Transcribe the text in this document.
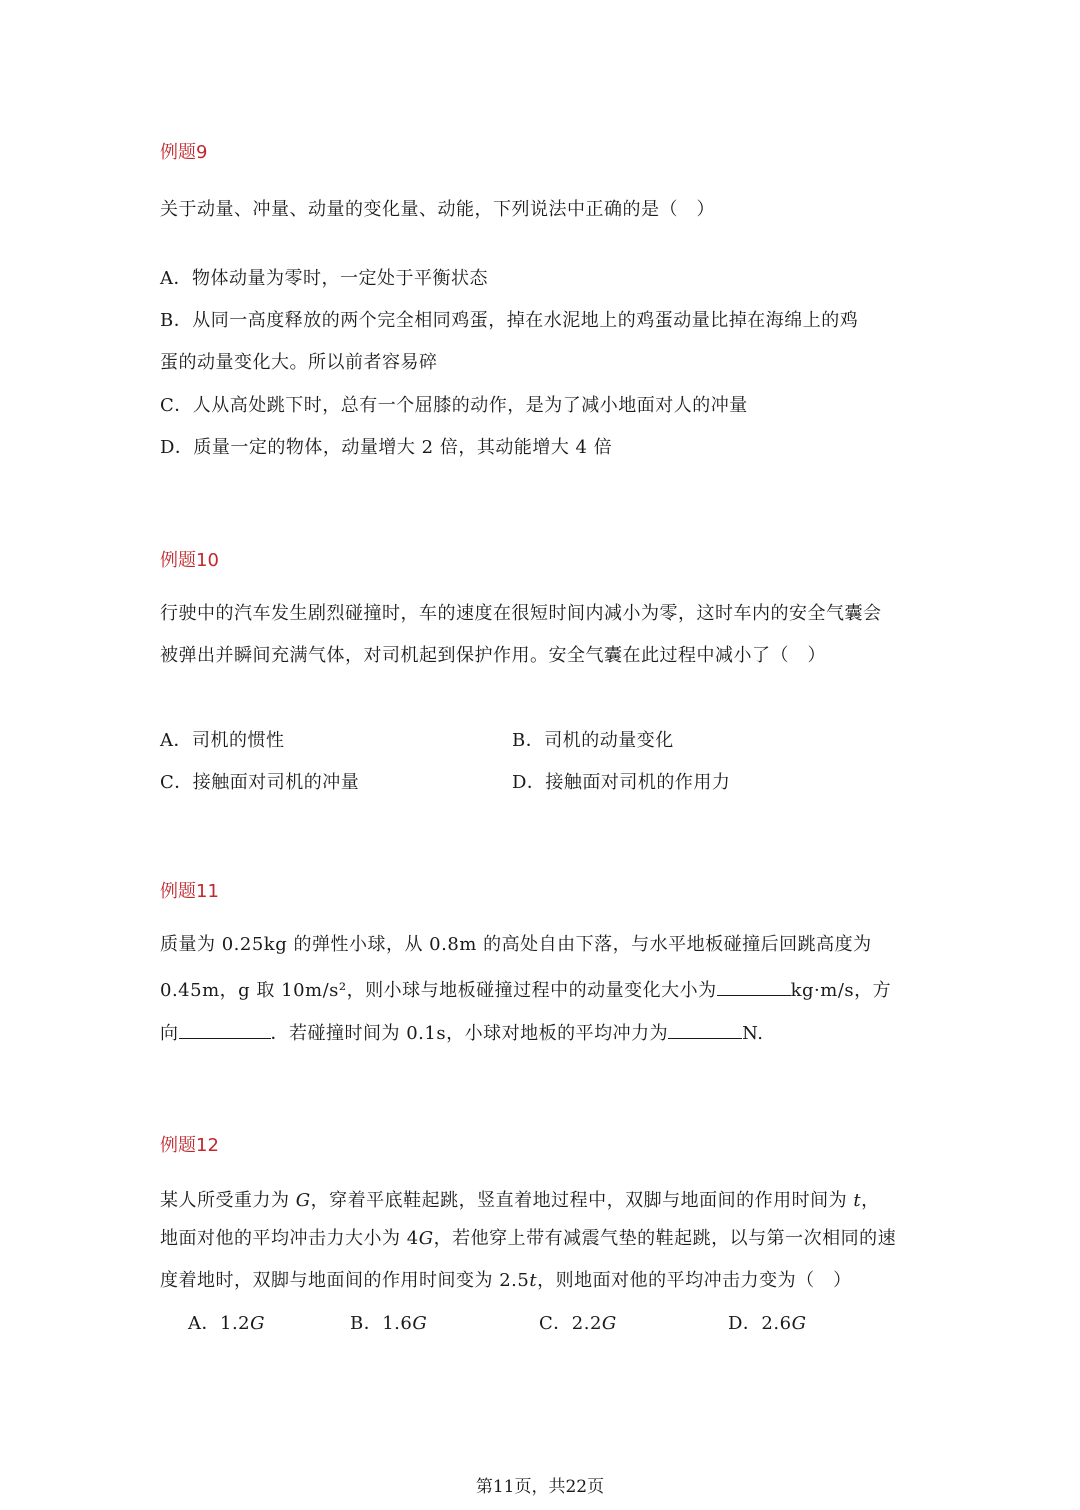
例题9
关于动量、冲量、动量的变化量、动能，下列说法中正确的是（　）
A．物体动量为零时，一定处于平衡状态
B．从同一高度释放的两个完全相同鸡蛋，掉在水泥地上的鸡蛋动量比掉在海绵上的鸡
蛋的动量变化大。所以前者容易碎
C．人从高处跳下时，总有一个屈膝的动作，是为了减小地面对人的冲量
D．质量一定的物体，动量增大 2 倍，其动能增大 4 倍
例题10
行驶中的汽车发生剧烈碰撞时，车的速度在很短时间内减小为零，这时车内的安全气囊会
被弹出并瞬间充满气体，对司机起到保护作用。安全气囊在此过程中减小了（　）
A．司机的惯性	B．司机的动量变化
C．接触面对司机的冲量	D．接触面对司机的作用力
例题11
质量为 0.25kg 的弹性小球，从 0.8m 的高处自由下落，与水平地板碰撞后回跳高度为
0.45m，g 取 10m/s²，则小球与地板碰撞过程中的动量变化大小为	kg·m/s，方
向	．若碰撞时间为 0.1s，小球对地板的平均冲力为	N.
例题12
某人所受重力为 G，穿着平底鞋起跳，竖直着地过程中，双脚与地面间的作用时间为 t，
地面对他的平均冲击力大小为 4G，若他穿上带有减震气垫的鞋起跳，以与第一次相同的速
度着地时，双脚与地面间的作用时间变为 2.5t，则地面对他的平均冲击力变为（　）
A．1.2G	B．1.6G	C．2.2G	D．2.6G
第11页，共22页
